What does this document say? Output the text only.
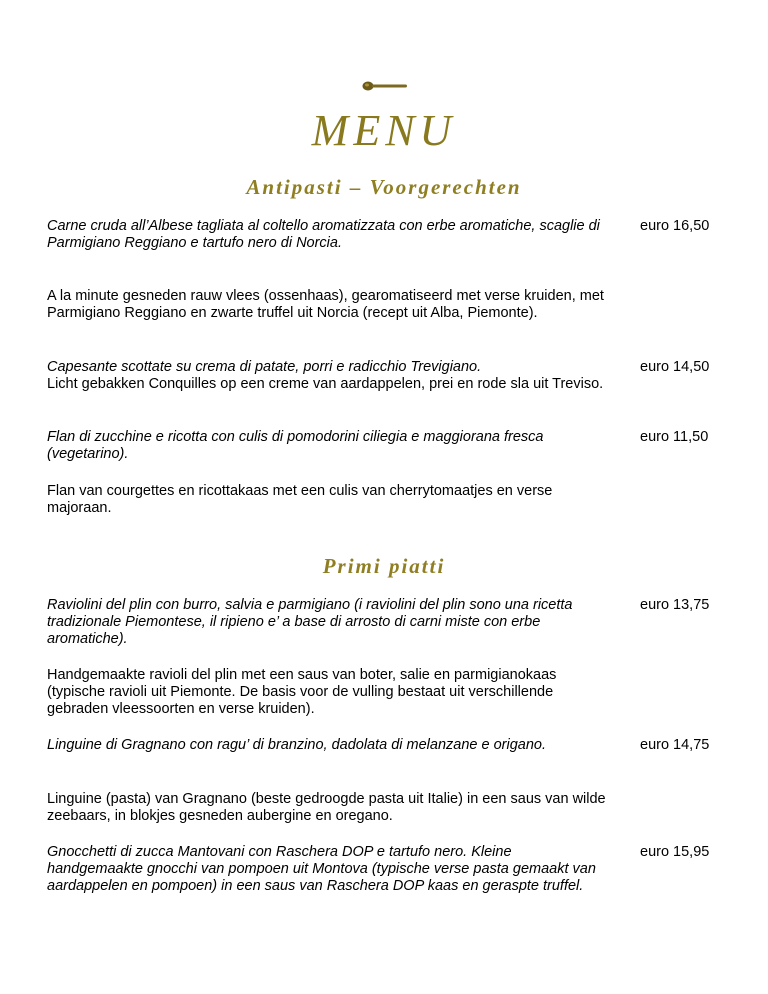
MENU
Antipasti – Voorgerechten

Carne cruda all’Albese tagliata al coltello aromatizzata con erbe aromatiche, scaglie di Parmigiano Reggiano e tartufo nero di Norcia.

euro 16,50

A la minute gesneden rauw vlees (ossenhaas), gearomatiseerd met verse kruiden, met Parmigiano Reggiano en zwarte truffel uit Norcia (recept uit Alba, Piemonte).

Capesante scottate su crema di patate, porri e radicchio Trevigiano.	euro 14,50

Licht gebakken Conquilles op een creme van aardappelen, prei en rode sla uit Treviso.

Flan di zucchine e ricotta con culis di pomodorini ciliegia e maggiorana fresca (vegetarino).

euro 11,50

Flan van courgettes en ricottakaas met een culis van cherrytomaatjes en verse majoraan.

Primi piatti

Raviolini del plin con burro, salvia e parmigiano (i raviolini del plin sono una ricetta tradizionale Piemontese, il ripieno e’ a base di arrosto di carni miste con erbe aromatiche).

euro 13,75

Handgemaakte ravioli del plin met een saus van boter, salie en parmigianokaas (typische ravioli uit Piemonte. De basis voor de vulling bestaat uit verschillende gebraden vleessoorten en verse kruiden).

Linguine di Gragnano con ragu’ di branzino, dadolata di melanzane e origano.	euro 14,75

Linguine (pasta) van Gragnano (beste gedroogde pasta uit Italie) in een saus van wilde zeebaars, in blokjes gesneden aubergine en oregano.

Gnocchetti di zucca Mantovani con Raschera DOP e tartufo nero. Kleine handgemaakte gnocchi van pompoen uit Montova (typische verse pasta gemaakt van aardappelen en pompoen) in een saus van Raschera DOP kaas en geraspte truffel.

euro 15,95
